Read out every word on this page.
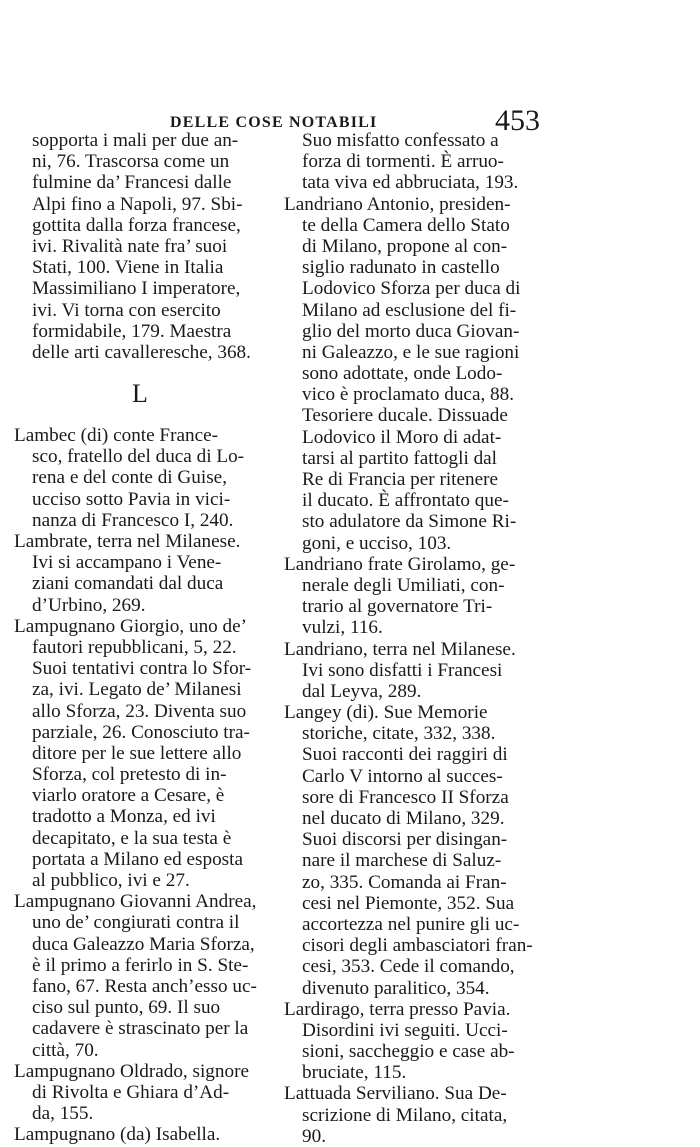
DELLE COSE NOTABILI	453
sopporta i mali per due an-
ni, 76. Trascorsa come un
fulmine da’ Francesi dalle
Alpi fino a Napoli, 97. Sbi-
gottita dalla forza francese,
ivi. Rivalità nate fra’ suoi
Stati, 100. Viene in Italia
Massimiliano I imperatore,
ivi. Vi torna con esercito
formidabile, 179. Maestra
delle arti cavalleresche, 368.
L
Lambec (di) conte France-
sco, fratello del duca di Lo-
rena e del conte di Guise,
ucciso sotto Pavia in vici-
nanza di Francesco I, 240.
Lambrate, terra nel Milanese.
Ivi si accampano i Vene-
ziani comandati dal duca
d’Urbino, 269.
Lampugnano Giorgio, uno de’
fautori repubblicani, 5, 22.
Suoi tentativi contra lo Sfor-
za, ivi. Legato de’ Milanesi
allo Sforza, 23. Diventa suo
parziale, 26. Conosciuto tra-
ditore per le sue lettere allo
Sforza, col pretesto di in-
viarlo oratore a Cesare, è
tradotto a Monza, ed ivi
decapitato, e la sua testa è
portata a Milano ed esposta
al pubblico, ivi e 27.
Lampugnano Giovanni Andrea,
uno de’ congiurati contra il
duca Galeazzo Maria Sforza,
è il primo a ferirlo in S. Ste-
fano, 67. Resta anch’esso uc-
ciso sul punto, 69. Il suo
cadavere è strascinato per la
città, 70.
Lampugnano Oldrado, signore
di Rivolta e Ghiara d’Ad-
da, 155.
Lampugnano (da) Isabella.
Suo misfatto confessato a
forza di tormenti. È arruo-
tata viva ed abbruciata, 193.
Landriano Antonio, presiden-
te della Camera dello Stato
di Milano, propone al con-
siglio radunato in castello
Lodovico Sforza per duca di
Milano ad esclusione del fi-
glio del morto duca Giovan-
ni Galeazzo, e le sue ragioni
sono adottate, onde Lodo-
vico è proclamato duca, 88.
Tesoriere ducale. Dissuade
Lodovico il Moro di adat-
tarsi al partito fattogli dal
Re di Francia per ritenere
il ducato. È affrontato que-
sto adulatore da Simone Ri-
goni, e ucciso, 103.
Landriano frate Girolamo, ge-
nerale degli Umiliati, con-
trario al governatore Tri-
vulzi, 116.
Landriano, terra nel Milanese.
Ivi sono disfatti i Francesi
dal Leyva, 289.
Langey (di). Sue Memorie
storiche, citate, 332, 338.
Suoi racconti dei raggiri di
Carlo V intorno al succes-
sore di Francesco II Sforza
nel ducato di Milano, 329.
Suoi discorsi per disingan-
nare il marchese di Saluz-
zo, 335. Comanda ai Fran-
cesi nel Piemonte, 352. Sua
accortezza nel punire gli uc-
cisori degli ambasciatori fran-
cesi, 353. Cede il comando,
divenuto paralitico, 354.
Lardirago, terra presso Pavia.
Disordini ivi seguiti. Ucci-
sioni, saccheggio e case ab-
bruciate, 115.
Lattuada Serviliano. Sua De-
scrizione di Milano, citata,
90.
